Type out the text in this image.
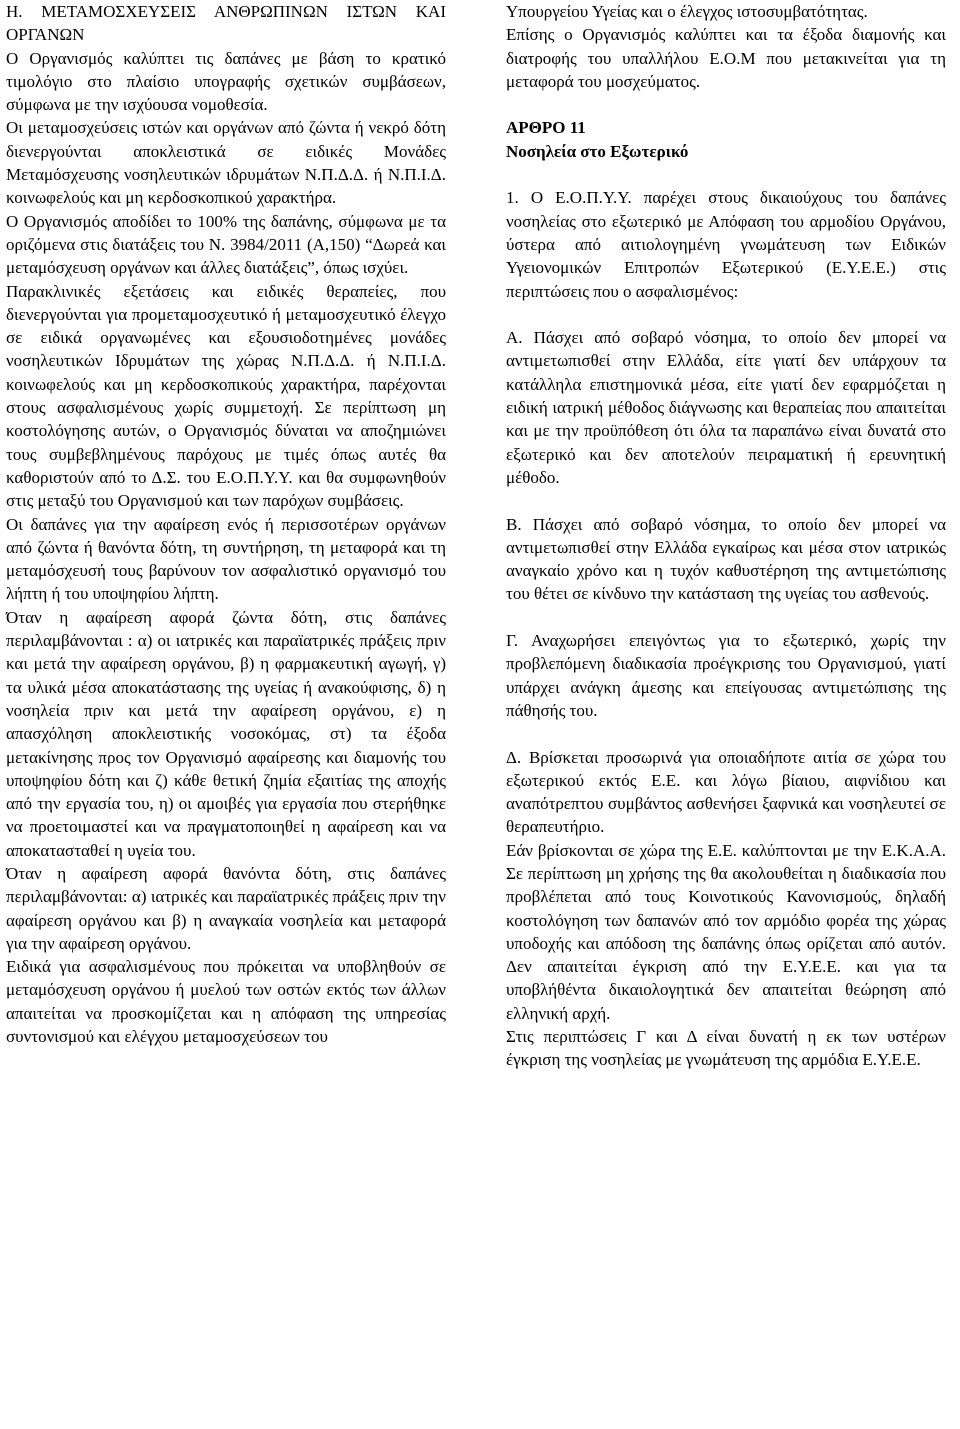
Η. ΜΕΤΑΜΟΣΧΕΥΣΕΙΣ ΑΝΘΡΩΠΙΝΩΝ ΙΣΤΩΝ ΚΑΙ ΟΡΓΑΝΩΝ

Ο Οργανισμός καλύπτει τις δαπάνες με βάση το κρατικό τιμολόγιο στο πλαίσιο υπογραφής σχετικών συμβάσεων, σύμφωνα με την ισχύουσα νομοθεσία.

Οι μεταμοσχεύσεις ιστών και οργάνων από ζώντα ή νεκρό δότη διενεργούνται αποκλειστικά σε ειδικές Μονάδες Μεταμόσχευσης νοσηλευτικών ιδρυμάτων Ν.Π.Δ.Δ. ή Ν.Π.Ι.Δ. κοινωφελούς και μη κερδοσκοπικού χαρακτήρα.

Ο Οργανισμός αποδίδει το 100% της δαπάνης, σύμφωνα με τα οριζόμενα στις διατάξεις του Ν. 3984/2011 (Α,150) “Δωρεά και μεταμόσχευση οργάνων και άλλες διατάξεις”, όπως ισχύει.

Παρακλινικές εξετάσεις και ειδικές θεραπείες, που διενεργούνται για προμεταμοσχευτικό ή μεταμοσχευτικό έλεγχο σε ειδικά οργανωμένες και εξουσιοδοτημένες μονάδες νοσηλευτικών Ιδρυμάτων της χώρας Ν.Π.Δ.Δ. ή Ν.Π.Ι.Δ. κοινωφελούς και μη κερδοσκοπικούς χαρακτήρα, παρέχονται στους ασφαλισμένους χωρίς συμμετοχή. Σε περίπτωση μη κοστολόγησης αυτών, ο Οργανισμός δύναται να αποζημιώνει τους συμβεβλημένους παρόχους με τιμές όπως αυτές θα καθοριστούν από το Δ.Σ. του Ε.Ο.Π.Υ.Υ. και θα συμφωνηθούν στις μεταξύ του Οργανισμού και των παρόχων συμβάσεις.

Οι δαπάνες για την αφαίρεση ενός ή περισσοτέρων οργάνων από ζώντα ή θανόντα δότη, τη συντήρηση, τη μεταφορά και τη μεταμόσχευσή τους βαρύνουν τον ασφαλιστικό οργανισμό του λήπτη ή του υποψηφίου λήπτη.

Όταν η αφαίρεση αφορά ζώντα δότη, στις δαπάνες περιλαμβάνονται : α) οι ιατρικές και παραϊατρικές πράξεις πριν και μετά την αφαίρεση οργάνου, β) η φαρμακευτική αγωγή, γ) τα υλικά μέσα αποκατάστασης της υγείας ή ανακούφισης, δ) η νοσηλεία πριν και μετά την αφαίρεση οργάνου, ε) η απασχόληση αποκλειστικής νοσοκόμας, στ) τα έξοδα μετακίνησης προς τον Οργανισμό αφαίρεσης και διαμονής του υποψηφίου δότη και ζ) κάθε θετική ζημία εξαιτίας της αποχής από την εργασία του, η) οι αμοιβές για εργασία που στερήθηκε να προετοιμαστεί και να πραγματοποιηθεί η αφαίρεση και να αποκατασταθεί η υγεία του.

Όταν η αφαίρεση αφορά θανόντα δότη, στις δαπάνες περιλαμβάνονται: α) ιατρικές και παραϊατρικές πράξεις πριν την αφαίρεση οργάνου και β) η αναγκαία νοσηλεία και μεταφορά για την αφαίρεση οργάνου.

Ειδικά για ασφαλισμένους που πρόκειται να υποβληθούν σε μεταμόσχευση οργάνου ή μυελού των οστών εκτός των άλλων απαιτείται να προσκομίζεται και η απόφαση της υπηρεσίας συντονισμού και ελέγχου μεταμοσχεύσεων του

Υπουργείου Υγείας και ο έλεγχος ιστοσυμβατότητας.

Επίσης ο Οργανισμός καλύπτει και τα έξοδα διαμονής και διατροφής του υπαλλήλου Ε.Ο.Μ που μετακινείται για τη μεταφορά του μοσχεύματος.

ΑΡΘΡΟ 11

Νοσηλεία στο Εξωτερικό

1. Ο Ε.Ο.Π.Υ.Υ. παρέχει στους δικαιούχους του δαπάνες νοσηλείας στο εξωτερικό με Απόφαση του αρμοδίου Οργάνου, ύστερα από αιτιολογημένη γνωμάτευση των Ειδικών Υγειονομικών Επιτροπών Εξωτερικού (Ε.Υ.Ε.Ε.) στις περιπτώσεις που ο ασφαλισμένος:

Α. Πάσχει από σοβαρό νόσημα, το οποίο δεν μπορεί να αντιμετωπισθεί στην Ελλάδα, είτε γιατί δεν υπάρχουν τα κατάλληλα επιστημονικά μέσα, είτε γιατί δεν εφαρμόζεται η ειδική ιατρική μέθοδος διάγνωσης και θεραπείας που απαιτείται και με την προϋπόθεση ότι όλα τα παραπάνω είναι δυνατά στο εξωτερικό και δεν αποτελούν πειραματική ή ερευνητική μέθοδο.

Β. Πάσχει από σοβαρό νόσημα, το οποίο δεν μπορεί να αντιμετωπισθεί στην Ελλάδα εγκαίρως και μέσα στον ιατρικώς αναγκαίο χρόνο και η τυχόν καθυστέρηση της αντιμετώπισης του θέτει σε κίνδυνο την κατάσταση της υγείας του ασθενούς.

Γ. Αναχωρήσει επειγόντως για το εξωτερικό, χωρίς την προβλεπόμενη διαδικασία προέγκρισης του Οργανισμού, γιατί υπάρχει ανάγκη άμεσης και επείγουσας αντιμετώπισης της πάθησής του.

Δ. Βρίσκεται προσωρινά για οποιαδήποτε αιτία σε χώρα του εξωτερικού εκτός Ε.Ε. και λόγω βίαιου, αιφνίδιου και αναπότρεπτου συμβάντος ασθενήσει ξαφνικά και νοσηλευτεί σε θεραπευτήριο.

Εάν βρίσκονται σε χώρα της Ε.Ε. καλύπτονται με την Ε.Κ.Α.Α. Σε περίπτωση μη χρήσης της θα ακολουθείται η διαδικασία που προβλέπεται από τους Κοινοτικούς Κανονισμούς, δηλαδή κοστολόγηση των δαπανών από τον αρμόδιο φορέα της χώρας υποδοχής και απόδοση της δαπάνης όπως ορίζεται από αυτόν. Δεν απαιτείται έγκριση από την Ε.Υ.Ε.Ε. και για τα υποβλήθέντα δικαιολογητικά δεν απαιτείται θεώρηση από ελληνική αρχή.

Στις περιπτώσεις Γ και Δ είναι δυνατή η εκ των υστέρων έγκριση της νοσηλείας με γνωμάτευση της αρμόδια Ε.Υ.Ε.Ε.
